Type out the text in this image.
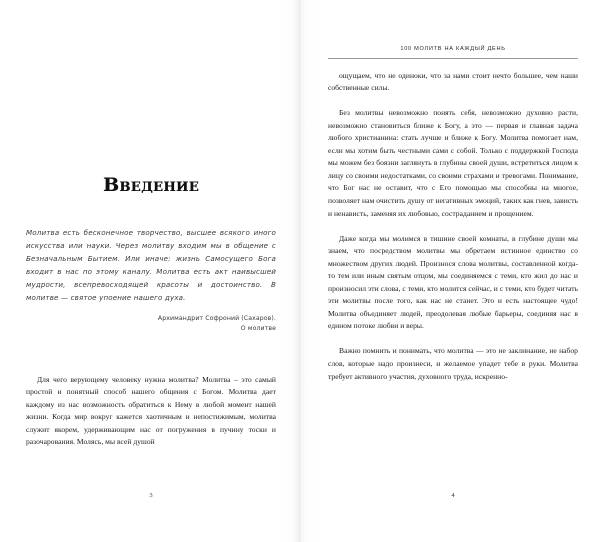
Введение
Молитва есть бесконечное творчество, высшее всякого иного искусства или науки. Через молитву входим мы в общение с Безначальным Бытием. Или иначе: жизнь Самосущего Бога входит в нас по этому каналу. Молитва есть акт наивысшей мудрости, всепревосходящей красоты и достоинство. В молитве — святое упоение нашего духа.
Архимандрит Софроний (Сахаров).
О молитве

Для чего верующему человеку нужна молитва? Молитва – это самый простой и понятный способ нашего общения с Богом. Молитва дает каждому из нас возможность обратиться к Нему в любой момент нашей жизни. Когда мир вокруг кажется хаотичным и непостижимым, молитва служит якорем, удерживающим нас от погружения в пучину тоски и разочарования. Молясь, мы всей душой

3
100 МОЛИТВ НА КАЖДЫЙ ДЕНЬ

ощущаем, что не одиноки, что за нами стоит нечто большее, чем наши собственные силы.

Без молитвы невозможно понять себя, невозможно духовно расти, невозможно становиться ближе к Богу, а это — первая и главная задача любого христианина: стать лучше и ближе к Богу. Молитва помогает нам, если мы хотим быть честными сами с собой. Только с поддержкой Господа мы можем без боязни заглянуть в глубины своей души, встретиться лицом к лицу со своими недостатками, со своими страхами и тревогами. Понимание, что Бог нас не оставит, что с Его помощью мы способны на многое, позволяет нам очистить душу от негативных эмоций, таких как гнев, зависть и ненависть, заменяя их любовью, состраданием и прощением.

Даже когда мы молимся в тишине своей комнаты, в глубине души мы знаем, что посредством молитвы мы обретаем истинное единство со множеством других людей. Произнося слова молитвы, составленной когда-то тем или иным святым отцом, мы соединяемся с теми, кто жил до нас и произносил эти слова, с теми, кто молится сейчас, и с теми, кто будет читать эти молитвы после того, как нас не станет. Это и есть настоящее чудо! Молитва объединяет людей, преодолевая любые барьеры, соединяя нас в едином потоке любви и веры.

Важно помнить и понимать, что молитва — это не заклинание, не набор слов, которые надо произнеси, и желаемое упадет тебе в руки. Молитва требует активного участия, духовного труда, искренно-

4
